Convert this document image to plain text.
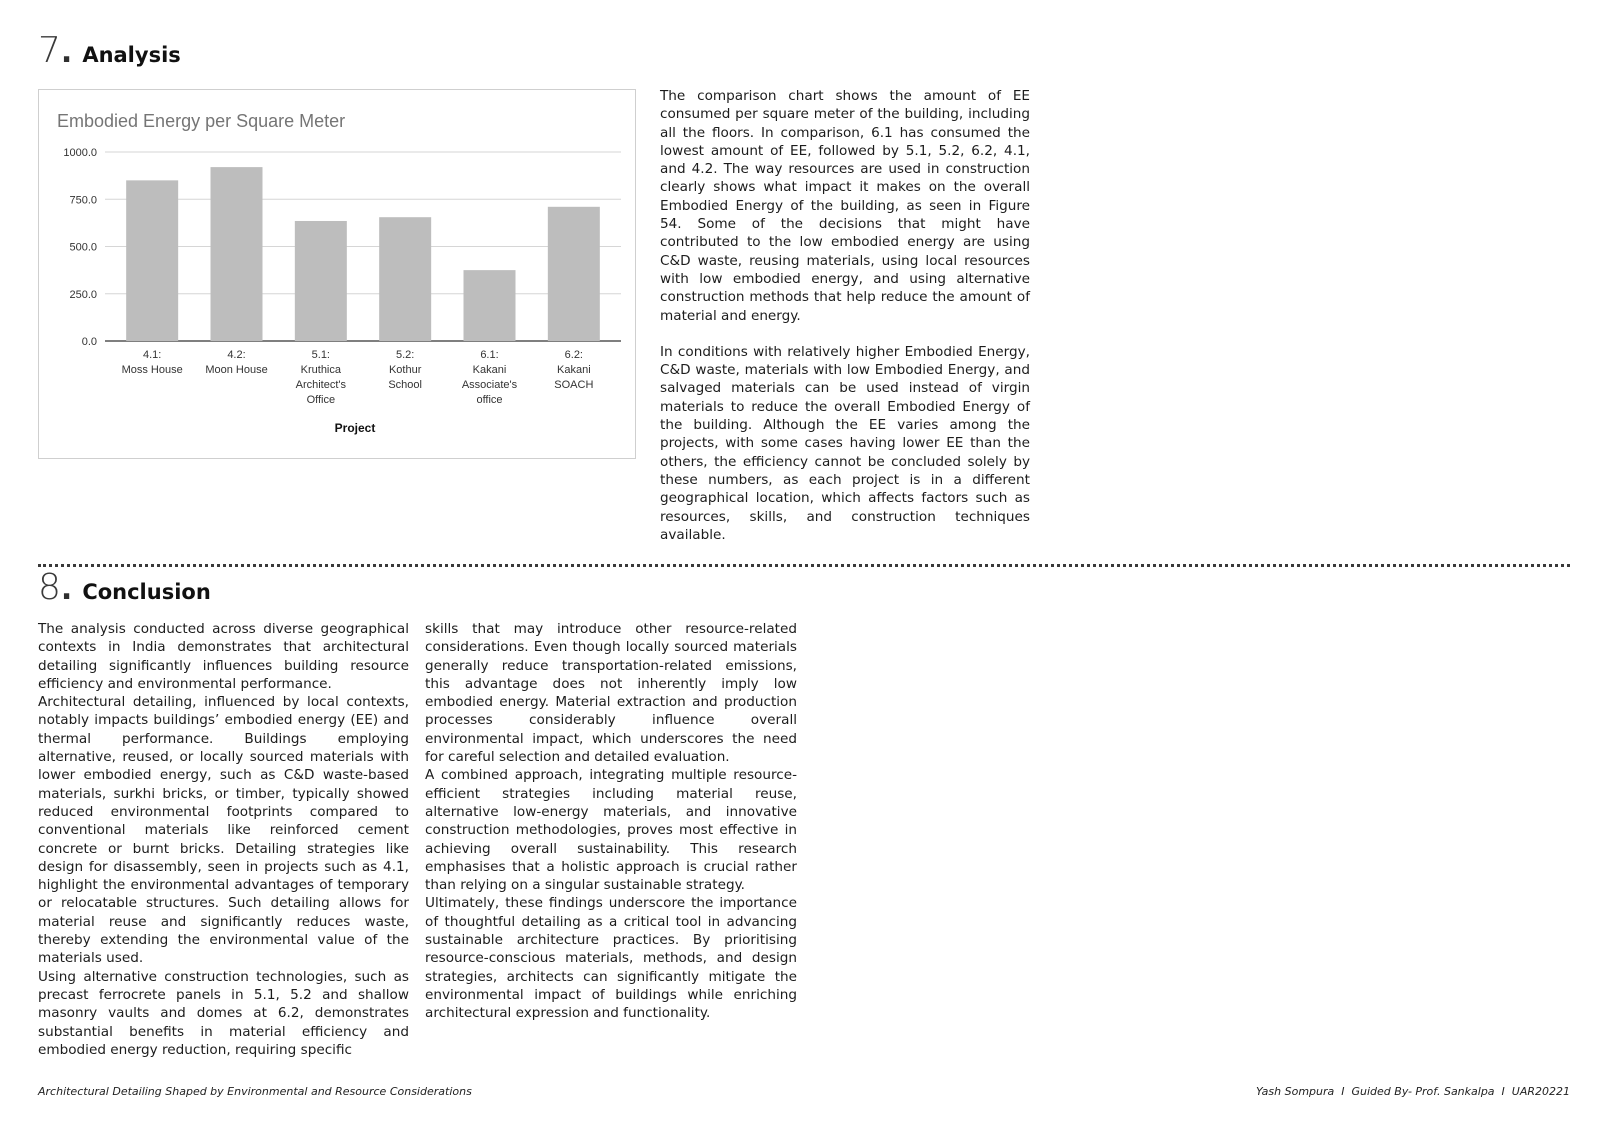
7 . Analysis
Embodied Energy per Square Meter
1000.0
750.0
500.0
250.0
0.0
4.1: Moss House
4.2: Moon House
5.1: Kruthica Architect's Office
5.2: Kothur School
6.1: Kakani Associate's office
6.2: Kakani SOACH
Project

The comparison chart shows the amount of EE consumed per square meter of the building, including all the floors. In comparison, 6.1 has consumed the lowest amount of EE, followed by 5.1, 5.2, 6.2, 4.1, and 4.2. The way resources are used in construction clearly shows what impact it makes on the overall Embodied Energy of the building, as seen in Figure 54. Some of the decisions that might have contributed to the low embodied energy are using C&D waste, reusing materials, using local resources with low embodied energy, and using alternative construction methods that help reduce the amount of material and energy.

In conditions with relatively higher Embodied Energy, C&D waste, materials with low Embodied Energy, and salvaged materials can be used instead of virgin materials to reduce the overall Embodied Energy of the building. Although the EE varies among the projects, with some cases having lower EE than the others, the efficiency cannot be concluded solely by these numbers, as each project is in a different geographical location, which affects factors such as resources, skills, and construction techniques available.

8 . Conclusion

The analysis conducted across diverse geographical contexts in India demonstrates that architectural detailing significantly influences building resource efficiency and environmental performance.

Architectural detailing, influenced by local contexts, notably impacts buildings’ embodied energy (EE) and thermal performance. Buildings employing alternative, reused, or locally sourced materials with lower embodied energy, such as C&D waste-based materials, surkhi bricks, or timber, typically showed reduced environmental footprints compared to conventional materials like reinforced cement concrete or burnt bricks. Detailing strategies like design for disassembly, seen in projects such as 4.1, highlight the environmental advantages of temporary or relocatable structures. Such detailing allows for material reuse and significantly reduces waste, thereby extending the environmental value of the materials used.

Using alternative construction technologies, such as precast ferrocrete panels in 5.1, 5.2 and shallow masonry vaults and domes at 6.2, demonstrates substantial benefits in material efficiency and embodied energy reduction, requiring specific

skills that may introduce other resource-related considerations. Even though locally sourced materials generally reduce transportation-related emissions, this advantage does not inherently imply low embodied energy. Material extraction and production processes considerably influence overall environmental impact, which underscores the need for careful selection and detailed evaluation.

A combined approach, integrating multiple resource-efficient strategies including material reuse, alternative low-energy materials, and innovative construction methodologies, proves most effective in achieving overall sustainability. This research emphasises that a holistic approach is crucial rather than relying on a singular sustainable strategy.

Ultimately, these findings underscore the importance of thoughtful detailing as a critical tool in advancing sustainable architecture practices. By prioritising resource-conscious materials, methods, and design strategies, architects can significantly mitigate the environmental impact of buildings while enriching architectural expression and functionality.

Architectural Detailing Shaped by Environmental and Resource Considerations	Yash Sompura  I  Guided By- Prof. Sankalpa  I  UAR20221
